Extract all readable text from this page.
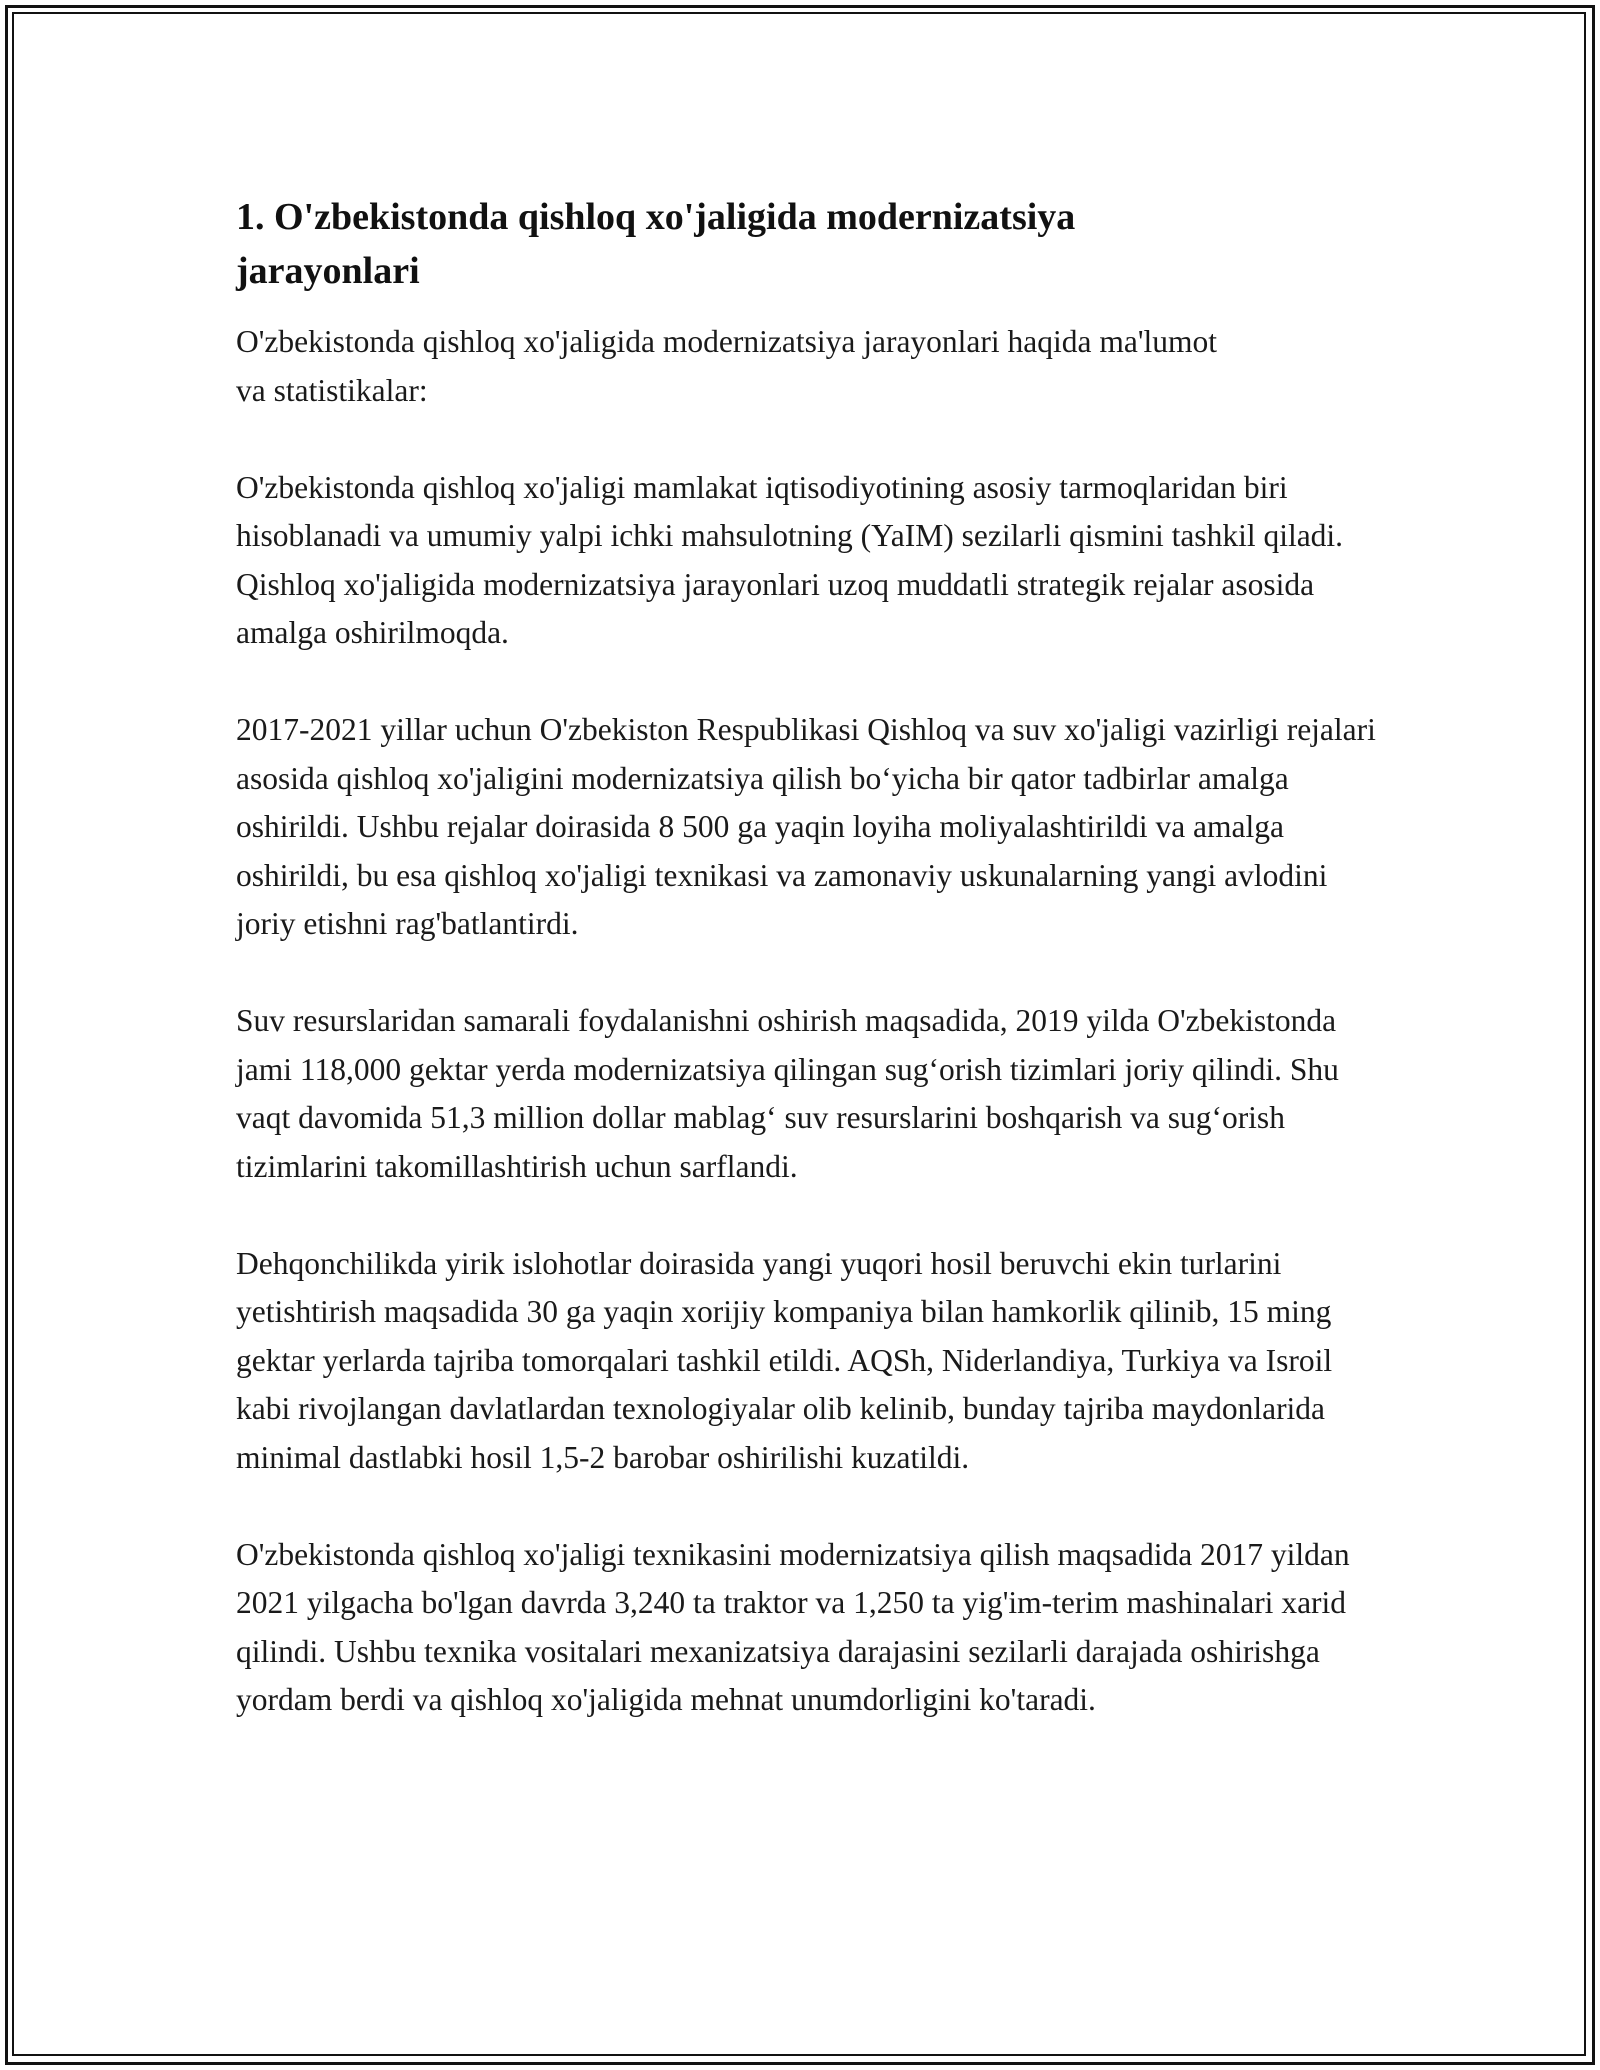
1. O'zbekistonda qishloq xo'jaligida modernizatsiya jarayonlari

O'zbekistonda qishloq xo'jaligida modernizatsiya jarayonlari haqida ma'lumot va statistikalar:

O'zbekistonda qishloq xo'jaligi mamlakat iqtisodiyotining asosiy tarmoqlaridan biri hisoblanadi va umumiy yalpi ichki mahsulotning (YaIM) sezilarli qismini tashkil qiladi. Qishloq xo'jaligida modernizatsiya jarayonlari uzoq muddatli strategik rejalar asosida amalga oshirilmoqda.

2017-2021 yillar uchun O'zbekiston Respublikasi Qishloq va suv xo'jaligi vazirligi rejalari asosida qishloq xo'jaligini modernizatsiya qilish bo‘yicha bir qator tadbirlar amalga oshirildi. Ushbu rejalar doirasida 8 500 ga yaqin loyiha moliyalashtirildi va amalga oshirildi, bu esa qishloq xo'jaligi texnikasi va zamonaviy uskunalarning yangi avlodini joriy etishni rag'batlantirdi.

Suv resurslaridan samarali foydalanishni oshirish maqsadida, 2019 yilda O'zbekistonda jami 118,000 gektar yerda modernizatsiya qilingan sug‘orish tizimlari joriy qilindi. Shu vaqt davomida 51,3 million dollar mablag‘ suv resurslarini boshqarish va sug‘orish tizimlarini takomillashtirish uchun sarflandi.

Dehqonchilikda yirik islohotlar doirasida yangi yuqori hosil beruvchi ekin turlarini yetishtirish maqsadida 30 ga yaqin xorijiy kompaniya bilan hamkorlik qilinib, 15 ming gektar yerlarda tajriba tomorqalari tashkil etildi. AQSh, Niderlandiya, Turkiya va Isroil kabi rivojlangan davlatlardan texnologiyalar olib kelinib, bunday tajriba maydonlarida minimal dastlabki hosil 1,5-2 barobar oshirilishi kuzatildi.

O'zbekistonda qishloq xo'jaligi texnikasini modernizatsiya qilish maqsadida 2017 yildan 2021 yilgacha bo'lgan davrda 3,240 ta traktor va 1,250 ta yig'im-terim mashinalari xarid qilindi. Ushbu texnika vositalari mexanizatsiya darajasini sezilarli darajada oshirishga yordam berdi va qishloq xo'jaligida mehnat unumdorligini ko'taradi.
